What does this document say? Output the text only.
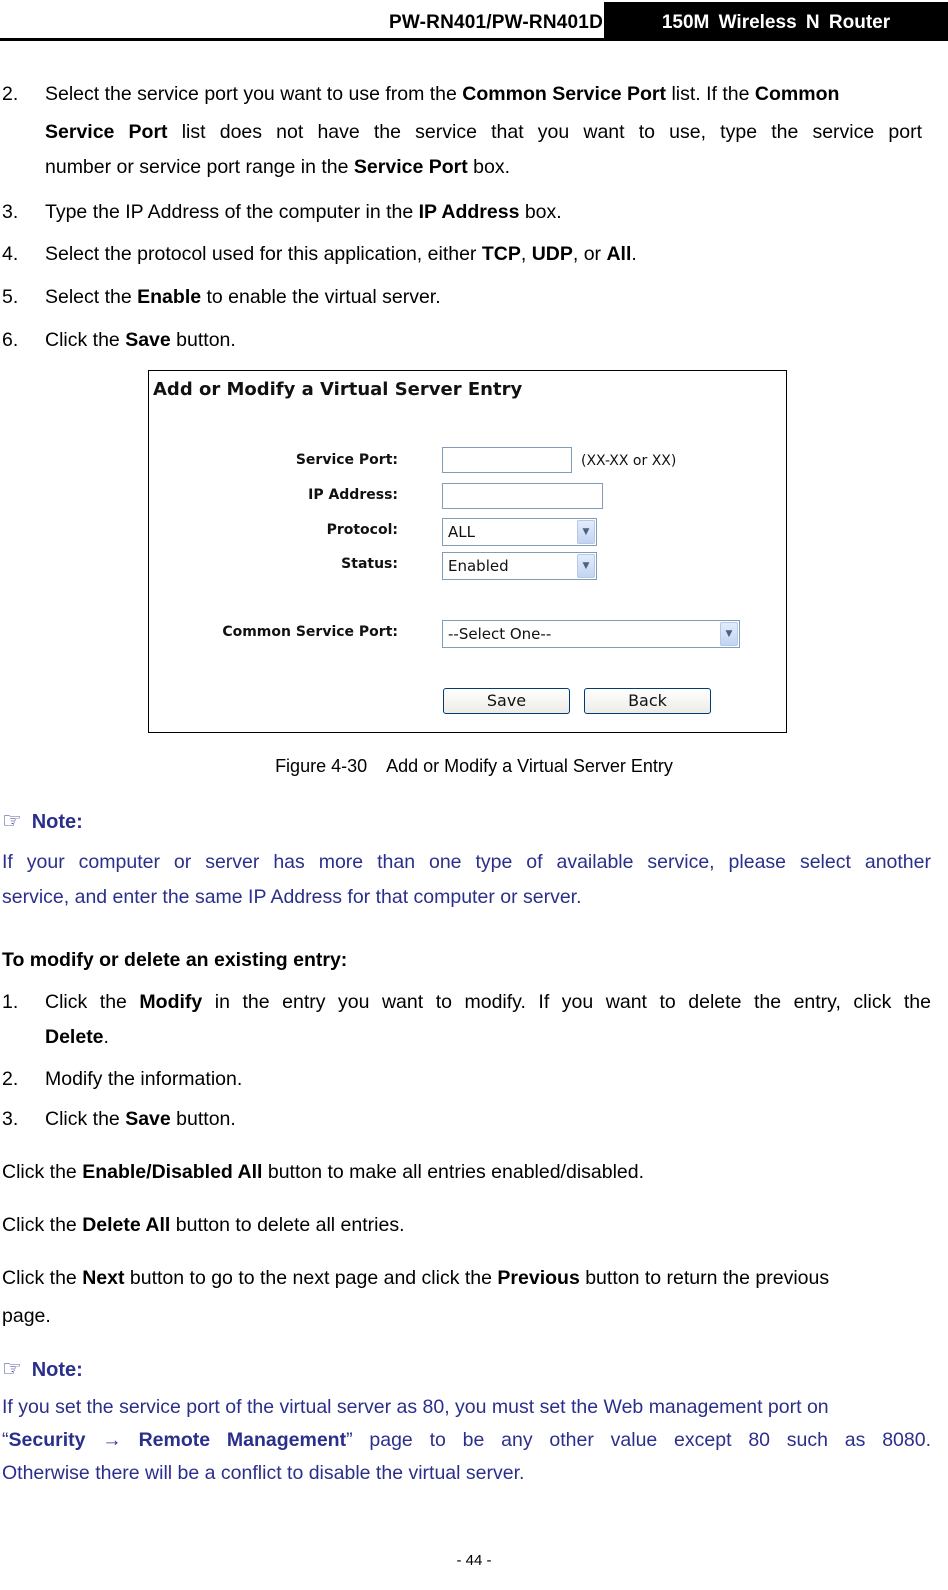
PW-RN401/PW-RN401D	150M Wireless N Router
2. Select the service port you want to use from the Common Service Port list. If the Common
Service Port list does not have the service that you want to use, type the service port
number or service port range in the Service Port box.
3. Type the IP Address of the computer in the IP Address box.
4. Select the protocol used for this application, either TCP, UDP, or All.
5. Select the Enable to enable the virtual server.
6. Click the Save button.
Add or Modify a Virtual Server Entry
Service Port:	(XX-XX or XX)
IP Address:
Protocol:	ALL	▼
Status:	Enabled	▼
Common Service Port:	--Select One--	▼
Save	Back
Figure 4-30    Add or Modify a Virtual Server Entry
☞ Note:
If your computer or server has more than one type of available service, please select another
service, and enter the same IP Address for that computer or server.
To modify or delete an existing entry:
1. Click the Modify in the entry you want to modify. If you want to delete the entry, click the
Delete.
2. Modify the information.
3. Click the Save button.
Click the Enable/Disabled All button to make all entries enabled/disabled.
Click the Delete All button to delete all entries.
Click the Next button to go to the next page and click the Previous button to return the previous
page.
☞ Note:
If you set the service port of the virtual server as 80, you must set the Web management port on
“Security → Remote Management” page to be any other value except 80 such as 8080.
Otherwise there will be a conflict to disable the virtual server.
- 44 -
